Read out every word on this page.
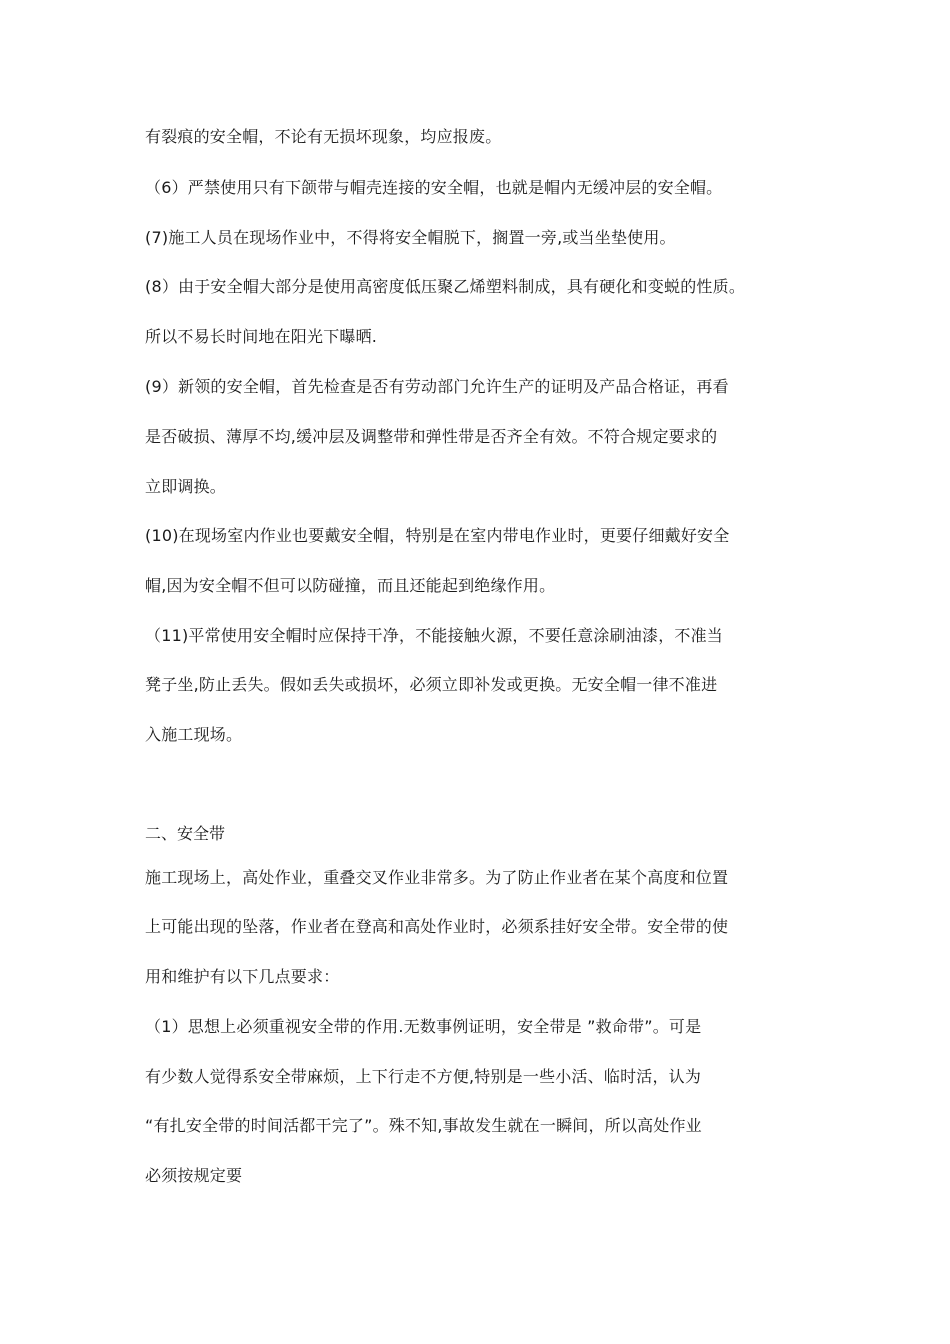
有裂痕的安全帽，不论有无损坏现象，均应报废。
（6）严禁使用只有下颌带与帽壳连接的安全帽，也就是帽内无缓冲层的安全帽。
(7)施工人员在现场作业中，不得将安全帽脱下，搁置一旁,或当坐垫使用。
(8）由于安全帽大部分是使用高密度低压聚乙烯塑料制成，具有硬化和变蜕的性质。
所以不易长时间地在阳光下曝晒.
(9）新领的安全帽，首先检查是否有劳动部门允许生产的证明及产品合格证，再看
是否破损、薄厚不均,缓冲层及调整带和弹性带是否齐全有效。不符合规定要求的
立即调换。
(10)在现场室内作业也要戴安全帽，特别是在室内带电作业时，更要仔细戴好安全
帽,因为安全帽不但可以防碰撞，而且还能起到绝缘作用。
（11)平常使用安全帽时应保持干净，不能接触火源，不要任意涂刷油漆，不准当
凳子坐,防止丢失。假如丢失或损坏，必须立即补发或更换。无安全帽一律不准进
入施工现场。
二、安全带
施工现场上，高处作业，重叠交叉作业非常多。为了防止作业者在某个高度和位置
上可能出现的坠落，作业者在登高和高处作业时，必须系挂好安全带。安全带的使
用和维护有以下几点要求：
（1）思想上必须重视安全带的作用.无数事例证明，安全带是 ”救命带”。可是
有少数人觉得系安全带麻烦，上下行走不方便,特别是一些小活、临时活，认为
“有扎安全带的时间活都干完了”。殊不知,事故发生就在一瞬间，所以高处作业
必须按规定要
